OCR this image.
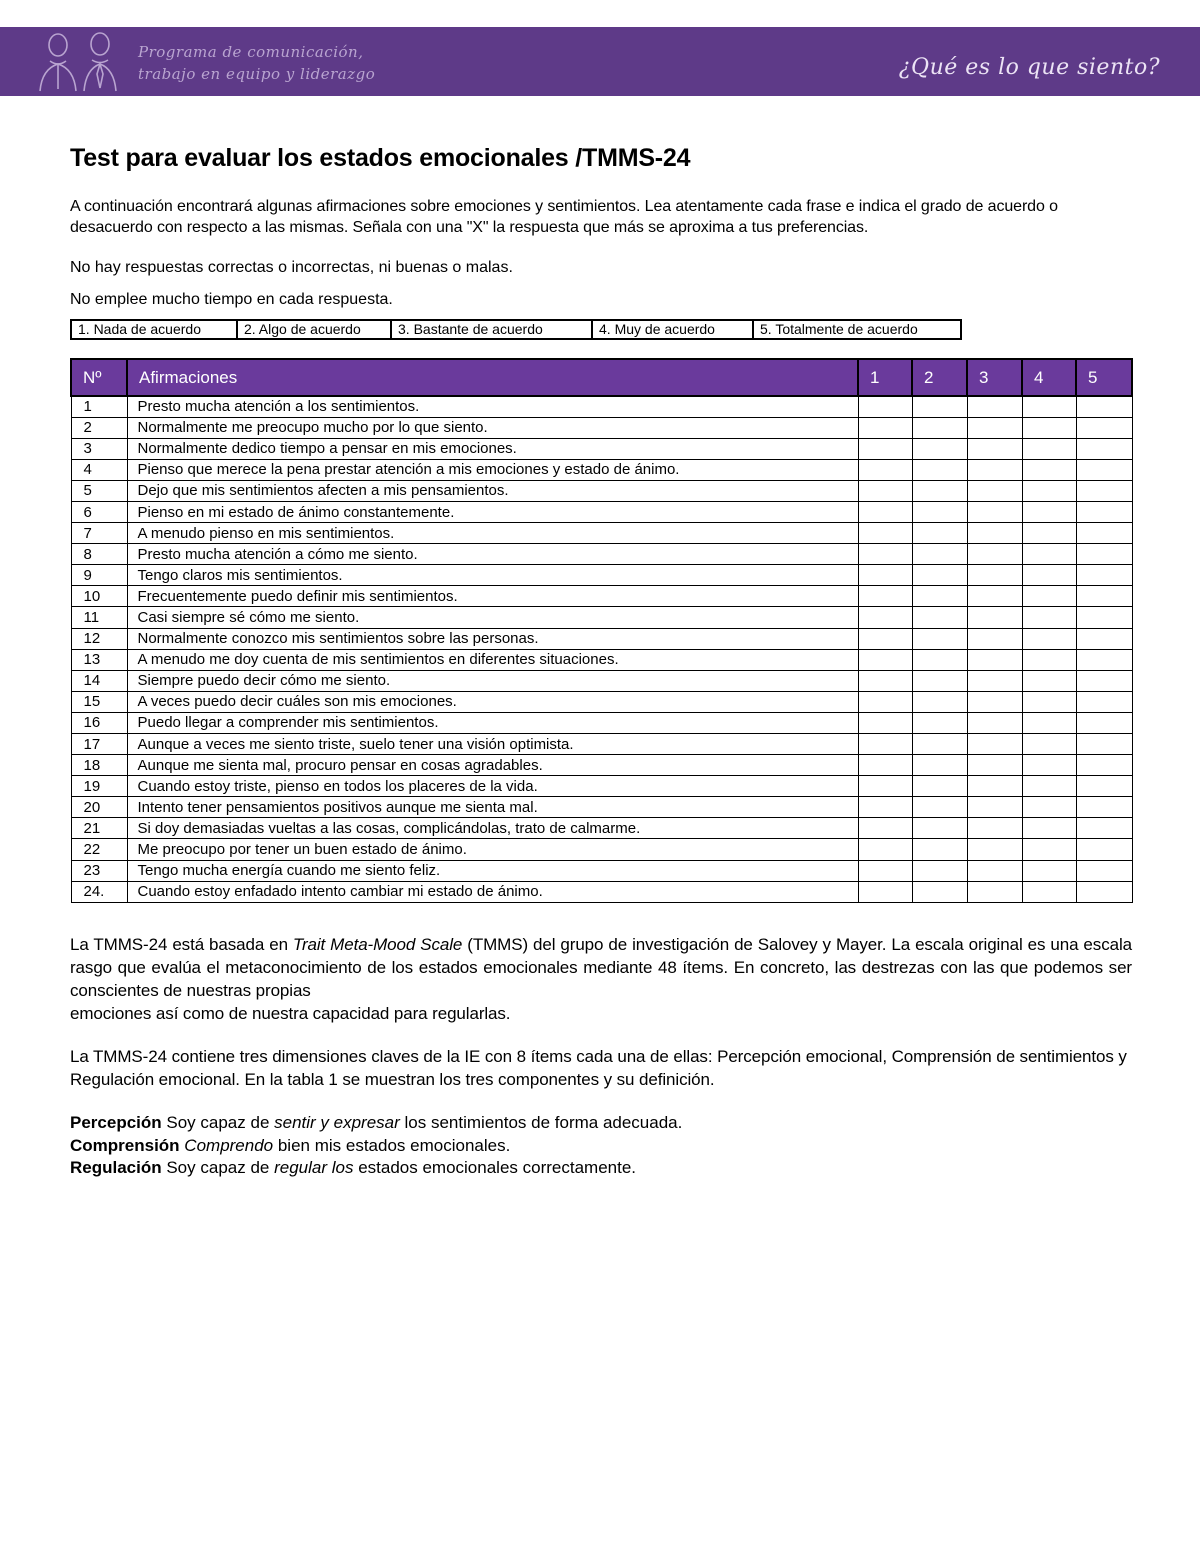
Programa de comunicación,
trabajo en equipo y liderazgo	¿Qué es lo que siento?
Test para evaluar los estados emocionales /TMMS-24

A continuación encontrará algunas afirmaciones sobre emociones y sentimientos. Lea atentamente cada frase e indica el grado de acuerdo o desacuerdo con respecto a las mismas. Señala con una "X" la respuesta que más se aproxima a tus preferencias.

No hay respuestas correctas o incorrectas, ni buenas o malas.

No emplee mucho tiempo en cada respuesta.

1. Nada de acuerdo	2. Algo de acuerdo	3. Bastante de acuerdo	4. Muy de acuerdo	5. Totalmente de acuerdo
Nº	Afirmaciones	1	2	3	4	5
1	Presto mucha atención a los sentimientos.					
2	Normalmente me preocupo mucho por lo que siento.					
3	Normalmente dedico tiempo a pensar en mis emociones.					
4	Pienso que merece la pena prestar atención a mis emociones y estado de ánimo.					
5	Dejo que mis sentimientos afecten a mis pensamientos.					
6	Pienso en mi estado de ánimo constantemente.					
7	A menudo pienso en mis sentimientos.					
8	Presto mucha atención a cómo me siento.					
9	Tengo claros mis sentimientos.					
10	Frecuentemente puedo definir mis sentimientos.					
11	Casi siempre sé cómo me siento.					
12	Normalmente conozco mis sentimientos sobre las personas.					
13	A menudo me doy cuenta de mis sentimientos en diferentes situaciones.					
14	Siempre puedo decir cómo me siento.					
15	A veces puedo decir cuáles son mis emociones.					
16	Puedo llegar a comprender mis sentimientos.					
17	Aunque a veces me siento triste, suelo tener una visión optimista.					
18	Aunque me sienta mal, procuro pensar en cosas agradables.					
19	Cuando estoy triste, pienso en todos los placeres de la vida.					
20	Intento tener pensamientos positivos aunque me sienta mal.					
21	Si doy demasiadas vueltas a las cosas, complicándolas, trato de calmarme.					
22	Me preocupo por tener un buen estado de ánimo.					
23	Tengo mucha energía cuando me siento feliz.					
24.	Cuando estoy enfadado intento cambiar mi estado de ánimo.					

La TMMS-24 está basada en Trait Meta-Mood Scale (TMMS) del grupo de investigación de Salovey y Mayer. La escala original es una escala rasgo que evalúa el metaconocimiento de los estados emocionales mediante 48 ítems. En concreto, las destrezas con las que podemos ser conscientes de nuestras propias
emociones así como de nuestra capacidad para regularlas.

La TMMS-24 contiene tres dimensiones claves de la IE con 8 ítems cada una de ellas: Percepción emocional, Comprensión de sentimientos y Regulación emocional. En la tabla 1 se muestran los tres componentes y su definición.

Percepción Soy capaz de sentir y expresar los sentimientos de forma adecuada.
Comprensión Comprendo bien mis estados emocionales.
Regulación Soy capaz de regular los estados emocionales correctamente.
